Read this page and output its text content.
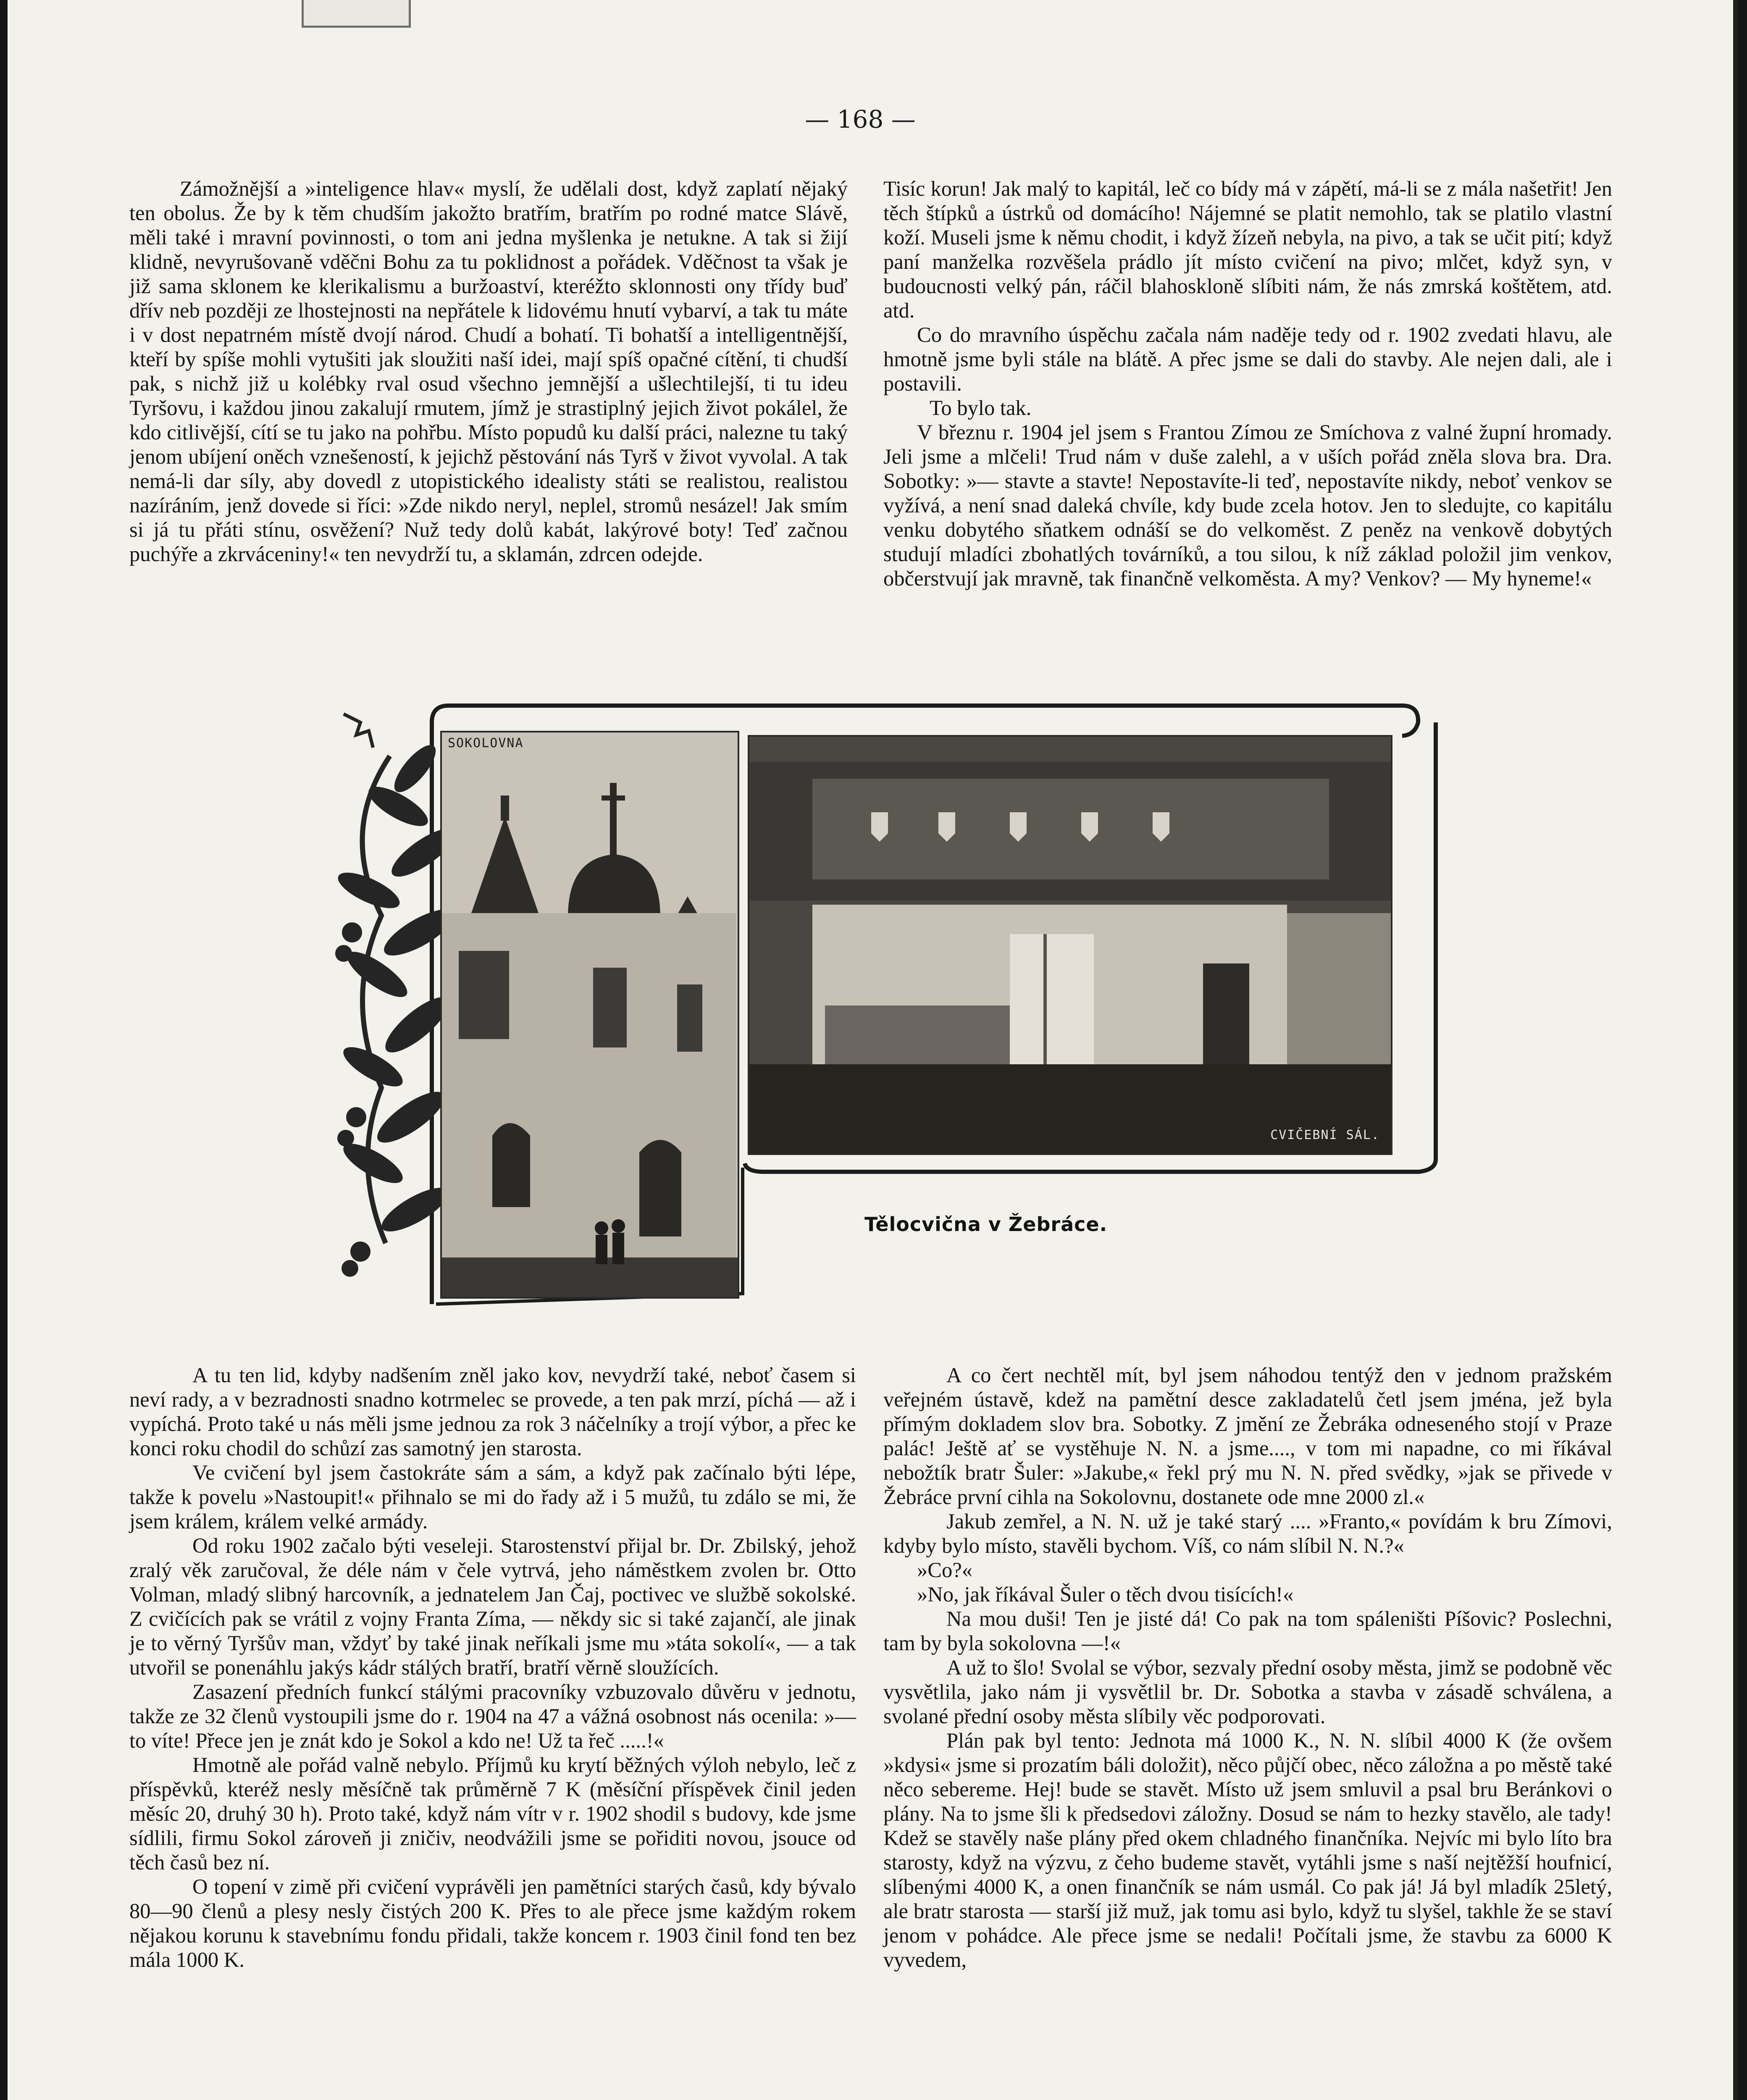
— 168 —

Zámožnější a »inteligence hlav« myslí, že udělali dost, když zaplatí nějaký ten obolus. Že by k těm chudším jakožto bratřím, bratřím po rodné matce Slávě, měli také i mravní povinnosti, o tom ani jedna myšlenka je netukne. A tak si žijí klidně, nevyrušovaně vděčni Bohu za tu poklidnost a pořádek. Vděčnost ta však je již sama sklonem ke klerikalismu a buržoaství, kteréžto sklonnosti ony třídy buď dřív neb později ze lhostejnosti na nepřátele k lidovému hnutí vybarví, a tak tu máte i v dost nepatrném místě dvojí národ. Chudí a bohatí. Ti bohatší a intelligentnější, kteří by spíše mohli vytušiti jak sloužiti naší idei, mají spíš opačné cítění, ti chudší pak, s nichž již u kolébky rval osud všechno jemnější a ušlechtilejší, ti tu ideu Tyršovu, i každou jinou zakalují rmutem, jímž je strastiplný jejich život pokálel, že kdo citlivější, cítí se tu jako na pohřbu. Místo popudů ku další práci, nalezne tu taký jenom ubíjení oněch vznešeností, k jejichž pěstování nás Tyrš v život vyvolal. A tak nemá-li dar síly, aby dovedl z utopistického idealisty státi se realistou, realistou nazíráním, jenž dovede si říci: »Zde nikdo neryl, neplel, stromů nesázel! Jak smím si já tu přáti stínu, osvěžení? Nuž tedy dolů kabát, lakýrové boty! Teď začnou puchýře a zkrváceniny!« ten nevydrží tu, a sklamán, zdrcen odejde.

Tisíc korun! Jak malý to kapitál, leč co bídy má v zápětí, má-li se z mála našetřit! Jen těch štípků a ústrků od domácího! Nájemné se platit nemohlo, tak se platilo vlastní koží. Museli jsme k němu chodit, i když žízeň nebyla, na pivo, a tak se učit pití; když paní manželka rozvěšela prádlo jít místo cvičení na pivo; mlčet, když syn, v budoucnosti velký pán, ráčil blahoskloně slíbiti nám, že nás zmrská koštětem, atd. atd.

Co do mravního úspěchu začala nám naděje tedy od r. 1902 zvedati hlavu, ale hmotně jsme byli stále na blátě. A přec jsme se dali do stavby. Ale nejen dali, ale i postavili.

To bylo tak.

V březnu r. 1904 jel jsem s Frantou Zímou ze Smíchova z valné župní hromady. Jeli jsme a mlčeli! Trud nám v duše zalehl, a v uších pořád zněla slova bra. Dra. Sobotky: »— stavte a stavte! Nepostavíte-li teď, nepostavíte nikdy, neboť venkov se vyžívá, a není snad daleká chvíle, kdy bude zcela hotov. Jen to sledujte, co kapitálu venku dobytého sňatkem odnáší se do velkoměst. Z peněz na venkově dobytých studují mladíci zbohatlých továrníků, a tou silou, k níž základ položil jim venkov, občerstvují jak mravně, tak finančně velkoměsta. A my? Venkov? — My hyneme!«

A tu ten lid, kdyby nadšením zněl jako kov, nevydrží také, neboť časem si neví rady, a v bezradnosti snadno kotrmelec se provede, a ten pak mrzí, píchá — až i vypíchá. Proto také u nás měli jsme jednou za rok 3 náčelníky a trojí výbor, a přec ke konci roku chodil do schůzí zas samotný jen starosta.

Ve cvičení byl jsem častokráte sám a sám, a když pak začínalo býti lépe, takže k povelu »Nastoupit!« přihnalo se mi do řady až i 5 mužů, tu zdálo se mi, že jsem králem, králem velké armády.

Od roku 1902 začalo býti veseleji. Starostenství přijal br. Dr. Zbilský, jehož zralý věk zaručoval, že déle nám v čele vytrvá, jeho náměstkem zvolen br. Otto Volman, mladý slibný harcovník, a jednatelem Jan Čaj, poctivec ve službě sokolské. Z cvičících pak se vrátil z vojny Franta Zíma, — někdy sic si také zajančí, ale jinak je to věrný Tyršův man, vždyť by také jinak neříkali jsme mu »táta sokolí«, — a tak utvořil se ponenáhlu jakýs kádr stálých bratří, bratří věrně sloužících.

Zasazení předních funkcí stálými pracovníky vzbuzovalo důvěru v jednotu, takže ze 32 členů vystoupili jsme do r. 1904 na 47 a vážná osobnost nás ocenila: »— to víte! Přece jen je znát kdo je Sokol a kdo ne! Už ta řeč .....!«

Hmotně ale pořád valně nebylo. Příjmů ku krytí běžných výloh nebylo, leč z příspěvků, kteréž nesly měsíčně tak průměrně 7 K (měsíční příspěvek činil jeden měsíc 20, druhý 30 h). Proto také, když nám vítr v r. 1902 shodil s budovy, kde jsme sídlili, firmu Sokol zároveň ji zničiv, neodvážili jsme se pořiditi novou, jsouce od těch časů bez ní.

O topení v zimě při cvičení vyprávěli jen pamětníci starých časů, kdy bývalo 80—90 členů a plesy nesly čistých 200 K. Přes to ale přece jsme každým rokem nějakou korunu k stavebnímu fondu přidali, takže koncem r. 1903 činil fond ten bez mála 1000 K.

A co čert nechtěl mít, byl jsem náhodou tentýž den v jednom pražském veřejném ústavě, kdež na pamětní desce zakladatelů četl jsem jména, jež byla přímým dokladem slov bra. Sobotky. Z jmění ze Žebráka odneseného stojí v Praze palác! Ještě ať se vystěhuje N. N. a jsme...., v tom mi napadne, co mi říkával nebožtík bratr Šuler: »Jakube,« řekl prý mu N. N. před svědky, »jak se přivede v Žebráce první cihla na Sokolovnu, dostanete ode mne 2000 zl.«

Jakub zemřel, a N. N. už je také starý .... »Franto,« povídám k bru Zímovi, kdyby bylo místo, stavěli bychom. Víš, co nám slíbil N. N.?«

»Co?«

»No, jak říkával Šuler o těch dvou tisících!«

Na mou duši! Ten je jisté dá! Co pak na tom spáleništi Píšovic? Poslechni, tam by byla sokolovna —!«

A už to šlo! Svolal se výbor, sezvaly přední osoby města, jimž se podobně věc vysvětlila, jako nám ji vysvětlil br. Dr. Sobotka a stavba v zásadě schválena, a svolané přední osoby města slíbily věc podporovati.

Plán pak byl tento: Jednota má 1000 K., N. N. slíbil 4000 K (že ovšem »kdysi« jsme si prozatím báli doložit), něco půjčí obec, něco záložna a po městě také něco sebereme. Hej! bude se stavět. Místo už jsem smluvil a psal bru Beránkovi o plány. Na to jsme šli k předsedovi záložny. Dosud se nám to hezky stavělo, ale tady! Kdež se stavěly naše plány před okem chladného finančníka. Nejvíc mi bylo líto bra starosty, když na výzvu, z čeho budeme stavět, vytáhli jsme s naší nejtěžší houfnicí, slíbenými 4000 K, a onen finančník se nám usmál. Co pak já! Já byl mladík 25letý, ale bratr starosta — starší již muž, jak tomu asi bylo, když tu slyšel, takhle že se staví jenom v pohádce. Ale přece jsme se nedali! Počítali jsme, že stavbu za 6000 K vyvedem,

SOKOLOVNA
CVIČEBNÍ SÁL.
Tělocvična v Žebráce.
